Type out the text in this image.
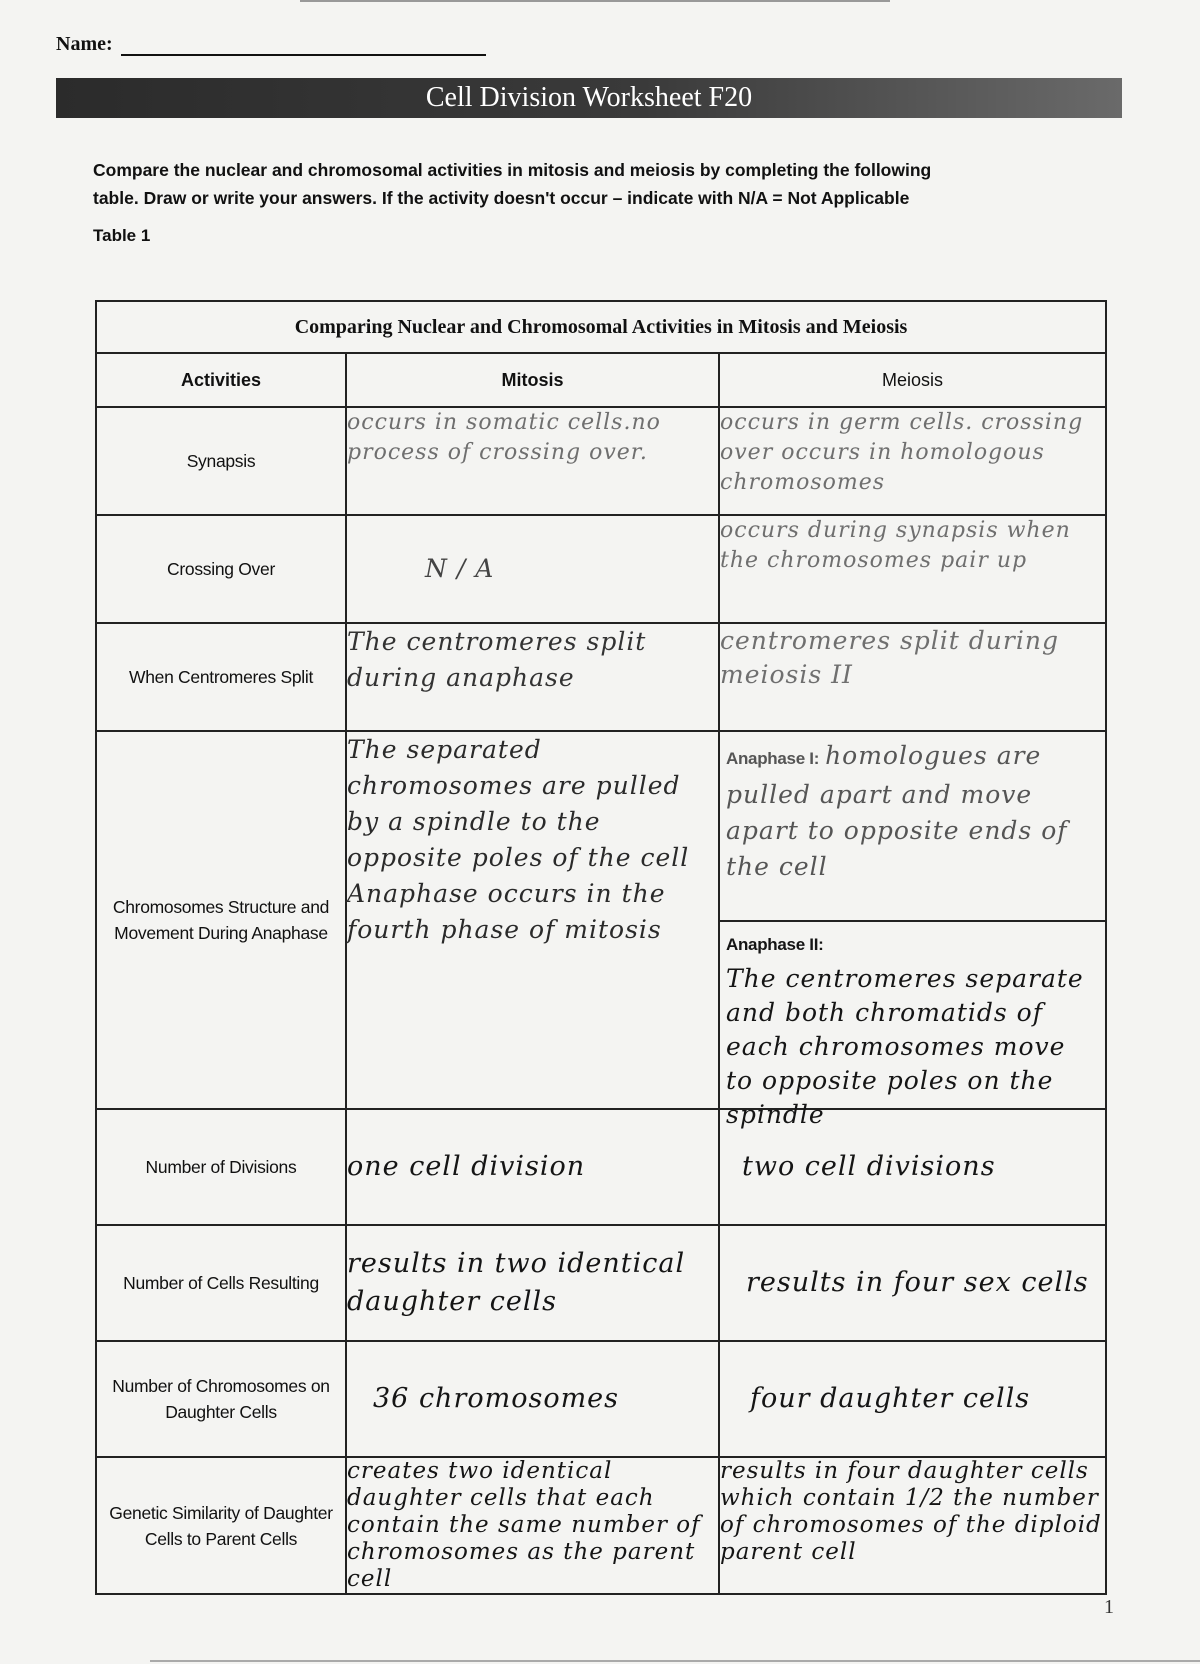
Name:
Cell Division Worksheet F20
Compare the nuclear and chromosomal activities in mitosis and meiosis by completing the following
table. Draw or write your answers. If the activity doesn't occur – indicate with N/A = Not Applicable
Table 1
Comparing Nuclear and Chromosomal Activities in Mitosis and Meiosis		
Activities	Mitosis	Meiosis
Synapsis	occurs in somatic cells.no process of crossing over.	occurs in germ cells. crossing over occurs in homologous chromosomes
Crossing Over	N / A	occurs during synapsis when the chromosomes pair up
When Centromeres Split	The centromeres split during anaphase	centromeres split during meiosis II
Chromosomes Structure and Movement During Anaphase	The separated chromosomes are pulled by a spindle to the opposite poles of the cell Anaphase occurs in the fourth phase of mitosis	Anaphase I: homologues are pulled apart and move apart to opposite ends of the cell
Anaphase II:
The centromeres separate and both chromatids of each chromosomes move to opposite poles on the spindle

Number of Divisions	one cell division	two cell divisions
Number of Cells Resulting	results in two identical daughter cells	results in four sex cells
Number of Chromosomes on Daughter Cells	36 chromosomes	four daughter cells
Genetic Similarity of Daughter Cells to Parent Cells	creates two identical daughter cells that each contain the same number of chromosomes as the parent cell	results in four daughter cells which contain 1/2 the number of chromosomes of the diploid parent cell
1
